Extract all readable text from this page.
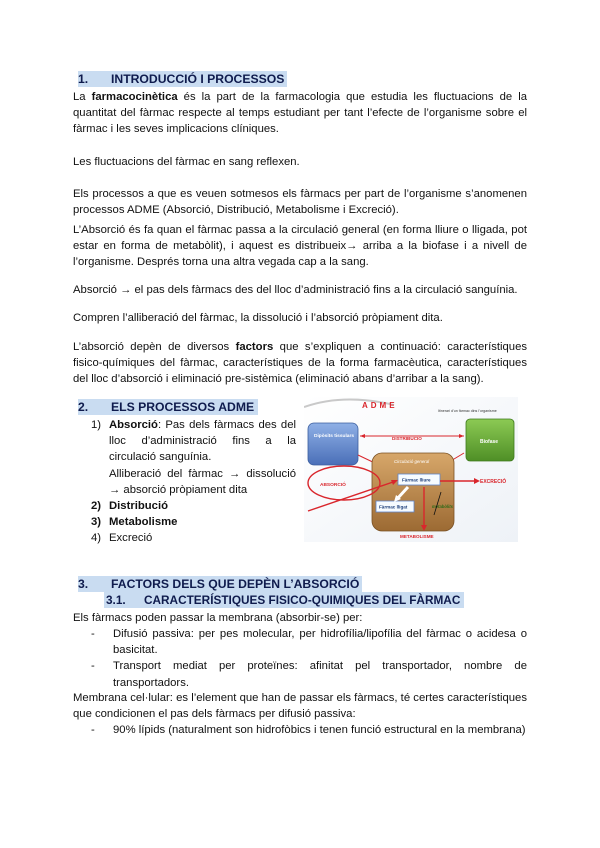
1. INTRODUCCIÓ I PROCESSOS
La farmacocinètica és la part de la farmacologia que estudia les fluctuacions de la quantitat del fàrmac respecte al temps estudiant per tant l’efecte de l’organisme sobre el fàrmac i les seves implicacions clíniques.
Les fluctuacions del fàrmac en sang reflexen.
Els processos a que es veuen sotmesos els fàrmacs per part de l’organisme s’anomenen processos ADME (Absorció, Distribució, Metabolisme i Excreció).
L’Absorció és fa quan el fàrmac passa a la circulació general (en forma lliure o lligada, pot estar en forma de metabòlit), i aquest es distribueix→ arriba a la biofase i a nivell de l’organisme. Després torna una altra vegada cap a la sang.
Absorció → el pas dels fàrmacs des del lloc d’administració fins a la circulació sanguínia.
Compren l’alliberació del fàrmac, la dissolució i l’absorció pròpiament dita.
L’absorció depèn de diversos factors que s’expliquen a continuació: característiques fisico-químiques del fàrmac, característiques de la forma farmacèutica, característiques del lloc d’absorció i eliminació pre-sistèmica (eliminació abans d’arribar a la sang).
2. ELS PROCESSOS ADME
1) Absorció: Pas dels fàrmacs des del lloc d’administració fins a la circulació sanguínia.
Alliberació del fàrmac → dissolució → absorció pròpiament dita
2) Distribució
3) Metabolisme
4) Excreció
ADME
Itinerari d’un fàrmac dins l’organisme
Dipòsits tissulars
Biofase
DISTRIBUCIÓ
Circulació general
Fàrmac lliure
Fàrmac lligat	metabòlits
ABSORCIÓ
EXCRECIÓ
METABOLISME
3. FACTORS DELS QUE DEPÈN L’ABSORCIÓ
3.1. CARACTERÍSTIQUES FISICO-QUIMIQUES DEL FÀRMAC
Els fàrmacs poden passar la membrana (absorbir-se) per:
- Difusió passiva: per pes molecular, per hidrofília/lipofília del fàrmac o acidesa o basicitat.
- Transport mediat per proteïnes: afinitat pel transportador, nombre de transportadors.
Membrana cel·lular: es l’element que han de passar els fàrmacs, té certes característiques que condicionen el pas dels fàrmacs per difusió passiva:
- 90% lípids (naturalment son hidrofòbics i tenen funció estructural en la membrana)
